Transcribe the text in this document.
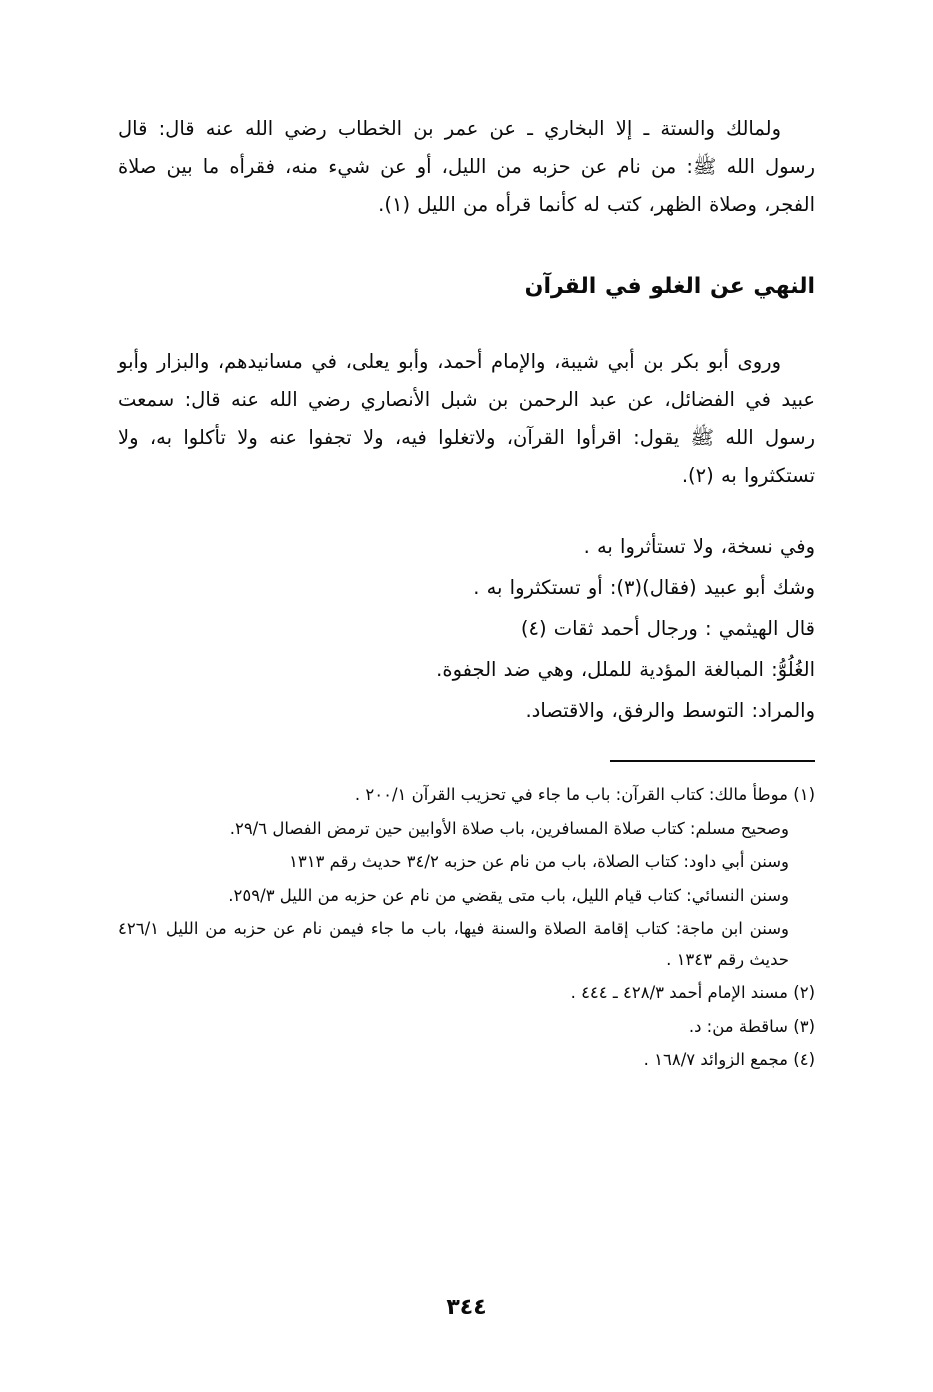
ولمالك والستة ـ إلا البخاري ـ عن عمر بن الخطاب رضي الله عنه قال: قال رسول الله ﷺ: من نام عن حزبه من الليل، أو عن شيء منه، فقرأه ما بين صلاة الفجر، وصلاة الظهر، كتب له كأنما قرأه من الليل (١).

النهي عن الغلو في القرآن

وروى أبو بكر بن أبي شيبة، والإمام أحمد، وأبو يعلى، في مسانيدهم، والبزار وأبو عبيد في الفضائل، عن عبد الرحمن بن شبل الأنصاري رضي الله عنه قال: سمعت رسول الله ﷺ يقول: اقرأوا القرآن، ولاتغلوا فيه، ولا تجفوا عنه ولا تأكلوا به، ولا تستكثروا به (٢).

وفي نسخة، ولا تستأثروا به .

وشك أبو عبيد (فقال)(٣): أو تستكثروا به .

قال الهيثمي : ورجال أحمد ثقات (٤)

الغُلُوُّ: المبالغة المؤدية للملل، وهي ضد الجفوة.

والمراد: التوسط والرفق، والاقتصاد.

(١) موطأ مالك: كتاب القرآن: باب ما جاء في تحزيب القرآن ٢٠٠/١ .

وصحيح مسلم: كتاب صلاة المسافرين، باب صلاة الأوابين حين ترمض الفصال ٢٩/٦.

وسنن أبي داود: كتاب الصلاة، باب من نام عن حزبه ٣٤/٢ حديث رقم ١٣١٣

وسنن النسائي: كتاب قيام الليل، باب متى يقضي من نام عن حزبه من الليل ٢٥٩/٣.

وسنن ابن ماجة: كتاب إقامة الصلاة والسنة فيها، باب ما جاء فيمن نام عن حزبه من الليل ٤٢٦/١ حديث رقم ١٣٤٣ .

(٢) مسند الإمام أحمد ٤٢٨/٣ ـ ٤٤٤ .

(٣) ساقطة من: د.

(٤) مجمع الزوائد ١٦٨/٧ .

٣٤٤
